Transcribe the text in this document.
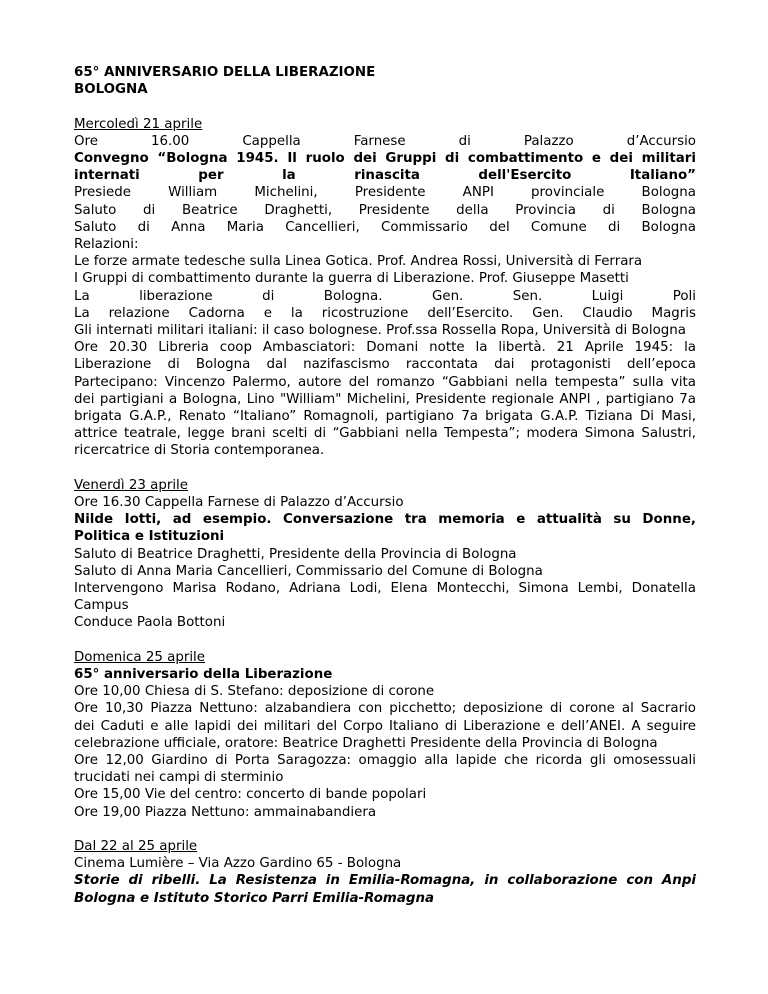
65° ANNIVERSARIO DELLA LIBERAZIONE
BOLOGNA
Mercoledì 21 aprile
Ore 16.00 Cappella Farnese di Palazzo d’Accursio
Convegno “Bologna 1945. Il ruolo dei Gruppi di combattimento e dei militari
internati per la rinascita dell'Esercito Italiano”
Presiede William Michelini, Presidente ANPI provinciale Bologna
Saluto di Beatrice Draghetti, Presidente della Provincia di Bologna
Saluto di Anna Maria Cancellieri, Commissario del Comune di Bologna
Relazioni:
Le forze armate tedesche sulla Linea Gotica. Prof. Andrea Rossi, Università di Ferrara
I Gruppi di combattimento durante la guerra di Liberazione. Prof. Giuseppe Masetti
La liberazione di Bologna. Gen. Sen. Luigi Poli
La relazione Cadorna e la ricostruzione dell’Esercito. Gen. Claudio Magris
Gli internati militari italiani: il caso bolognese. Prof.ssa Rossella Ropa, Università di Bologna
Ore 20.30 Libreria coop Ambasciatori: Domani notte la libertà. 21 Aprile 1945: la
Liberazione di Bologna dal nazifascismo raccontata dai protagonisti dell’epoca
Partecipano: Vincenzo Palermo, autore del romanzo “Gabbiani nella tempesta” sulla vita
dei partigiani a Bologna, Lino "William" Michelini, Presidente regionale ANPI , partigiano 7a
brigata G.A.P., Renato “Italiano” Romagnoli, partigiano 7a brigata G.A.P. Tiziana Di Masi,
attrice teatrale, legge brani scelti di “Gabbiani nella Tempesta”; modera Simona Salustri,
ricercatrice di Storia contemporanea.
Venerdì 23 aprile
Ore 16.30 Cappella Farnese di Palazzo d’Accursio
Nilde Iotti, ad esempio. Conversazione tra memoria e attualità su Donne,
Politica e Istituzioni
Saluto di Beatrice Draghetti, Presidente della Provincia di Bologna
Saluto di Anna Maria Cancellieri, Commissario del Comune di Bologna
Intervengono Marisa Rodano, Adriana Lodi, Elena Montecchi, Simona Lembi, Donatella
Campus
Conduce Paola Bottoni
Domenica 25 aprile
65° anniversario della Liberazione
Ore 10,00 Chiesa di S. Stefano: deposizione di corone
Ore 10,30 Piazza Nettuno: alzabandiera con picchetto; deposizione di corone al Sacrario
dei Caduti e alle lapidi dei militari del Corpo Italiano di Liberazione e dell’ANEI. A seguire
celebrazione ufficiale, oratore: Beatrice Draghetti Presidente della Provincia di Bologna
Ore 12,00 Giardino di Porta Saragozza: omaggio alla lapide che ricorda gli omosessuali
trucidati nei campi di sterminio
Ore 15,00 Vie del centro: concerto di bande popolari
Ore 19,00 Piazza Nettuno: ammainabandiera
Dal 22 al 25 aprile
Cinema Lumière – Via Azzo Gardino 65 - Bologna
Storie di ribelli. La Resistenza in Emilia-Romagna, in collaborazione con Anpi
Bologna e Istituto Storico Parri Emilia-Romagna
